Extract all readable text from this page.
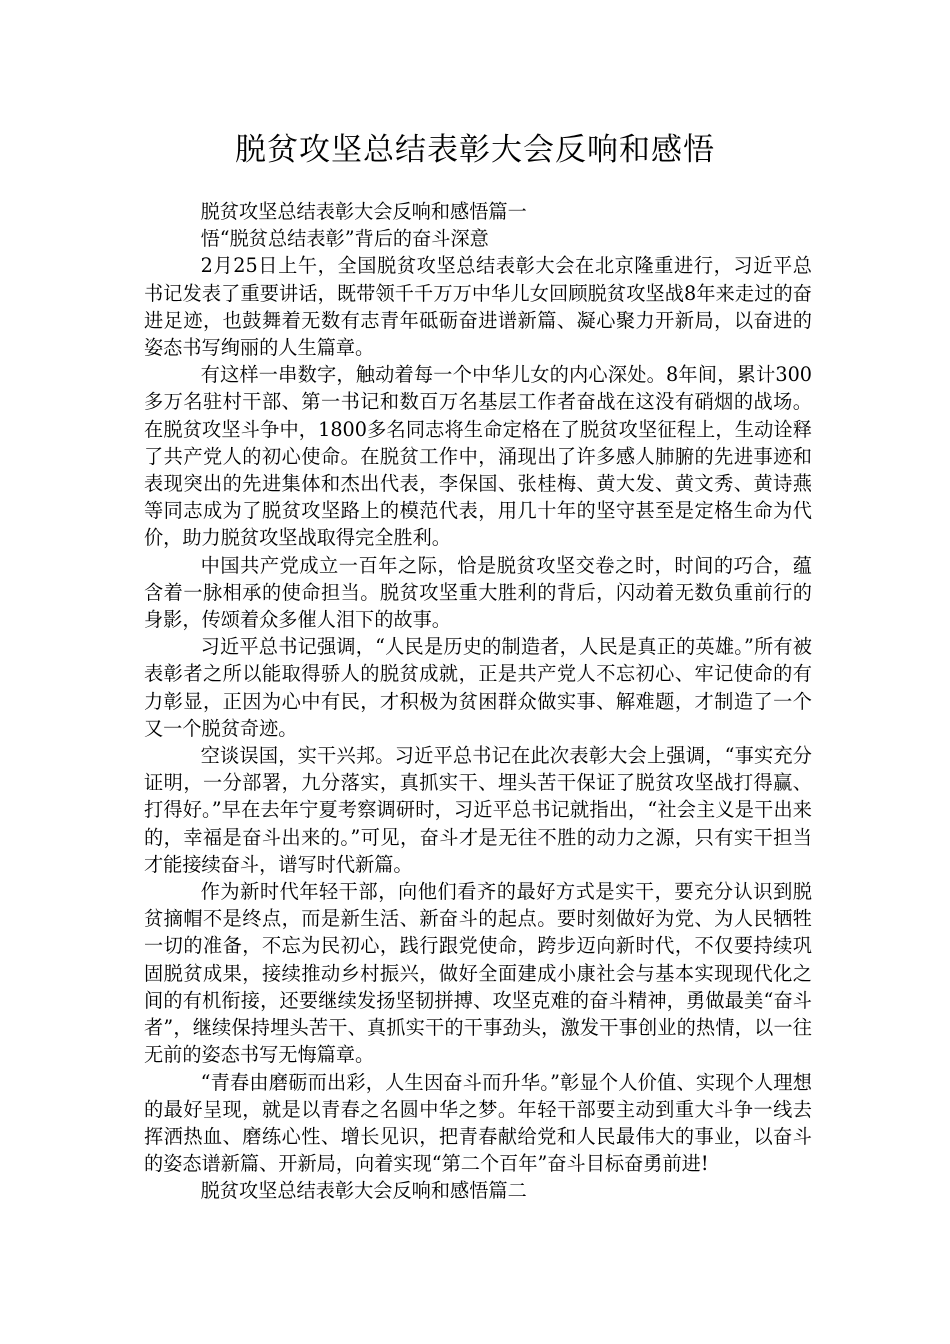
脱贫攻坚总结表彰大会反响和感悟

脱贫攻坚总结表彰大会反响和感悟篇一

悟“脱贫总结表彰”背后的奋斗深意

2月25日上午，全国脱贫攻坚总结表彰大会在北京隆重进行，习近平总书记发表了重要讲话，既带领千千万万中华儿女回顾脱贫攻坚战8年来走过的奋进足迹，也鼓舞着无数有志青年砥砺奋进谱新篇、凝心聚力开新局，以奋进的姿态书写绚丽的人生篇章。

有这样一串数字，触动着每一个中华儿女的内心深处。8年间，累计300多万名驻村干部、第一书记和数百万名基层工作者奋战在这没有硝烟的战场。在脱贫攻坚斗争中，1800多名同志将生命定格在了脱贫攻坚征程上，生动诠释了共产党人的初心使命。在脱贫工作中，涌现出了许多感人肺腑的先进事迹和表现突出的先进集体和杰出代表，李保国、张桂梅、黄大发、黄文秀、黄诗燕等同志成为了脱贫攻坚路上的模范代表，用几十年的坚守甚至是定格生命为代价，助力脱贫攻坚战取得完全胜利。

中国共产党成立一百年之际，恰是脱贫攻坚交卷之时，时间的巧合，蕴含着一脉相承的使命担当。脱贫攻坚重大胜利的背后，闪动着无数负重前行的身影，传颂着众多催人泪下的故事。

习近平总书记强调，“人民是历史的制造者，人民是真正的英雄。”所有被表彰者之所以能取得骄人的脱贫成就，正是共产党人不忘初心、牢记使命的有力彰显，正因为心中有民，才积极为贫困群众做实事、解难题，才制造了一个又一个脱贫奇迹。

空谈误国，实干兴邦。习近平总书记在此次表彰大会上强调，“事实充分证明，一分部署，九分落实，真抓实干、埋头苦干保证了脱贫攻坚战打得赢、打得好。”早在去年宁夏考察调研时，习近平总书记就指出，“社会主义是干出来的，幸福是奋斗出来的。”可见，奋斗才是无往不胜的动力之源，只有实干担当才能接续奋斗，谱写时代新篇。

作为新时代年轻干部，向他们看齐的最好方式是实干，要充分认识到脱贫摘帽不是终点，而是新生活、新奋斗的起点。要时刻做好为党、为人民牺牲一切的准备，不忘为民初心，践行跟党使命，跨步迈向新时代，不仅要持续巩固脱贫成果，接续推动乡村振兴，做好全面建成小康社会与基本实现现代化之间的有机衔接，还要继续发扬坚韧拼搏、攻坚克难的奋斗精神，勇做最美“奋斗者”，继续保持埋头苦干、真抓实干的干事劲头，激发干事创业的热情，以一往无前的姿态书写无悔篇章。

“青春由磨砺而出彩，人生因奋斗而升华。”彰显个人价值、实现个人理想的最好呈现，就是以青春之名圆中华之梦。年轻干部要主动到重大斗争一线去挥洒热血、磨练心性、增长见识，把青春献给党和人民最伟大的事业，以奋斗的姿态谱新篇、开新局，向着实现“第二个百年”奋斗目标奋勇前进!

脱贫攻坚总结表彰大会反响和感悟篇二
